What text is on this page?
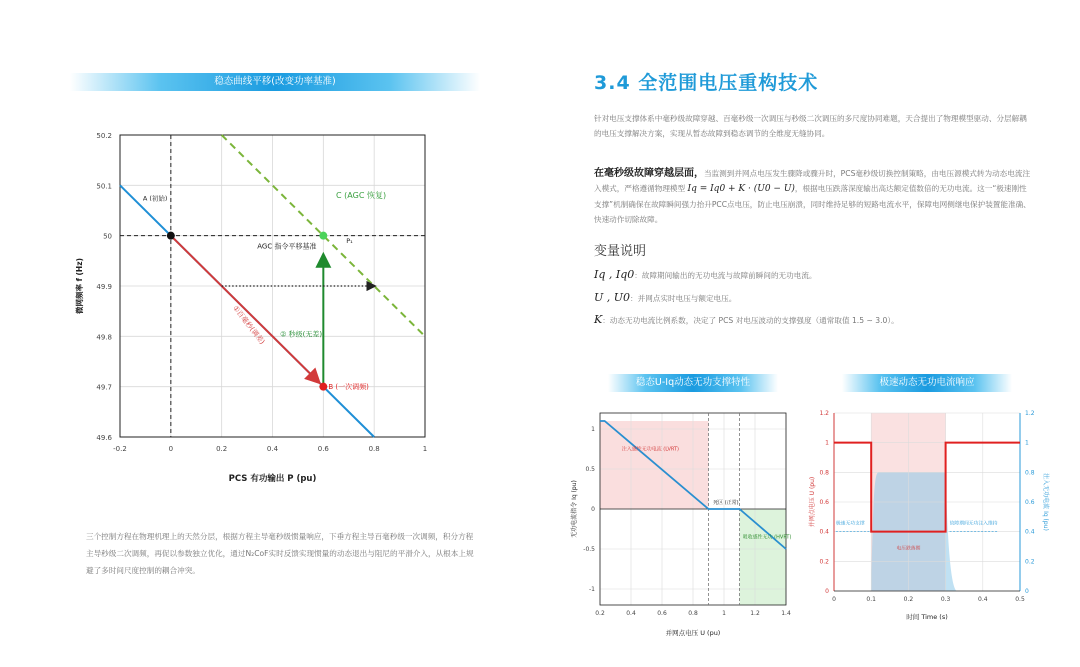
稳态曲线平移(改变功率基准)
-0.2	0	0.2	0.4	0.6	0.8	1
49.6
49.7
49.8
49.9
50
50.1
50.2
①百毫秒(调差) ② 秒级(无差)
A (初始)
B (一次调频)
C (AGC 恢复)
AGC 指令平移基准
P₁
PCS 有功输出 P (pu)
微网频率 f (Hz)
三个控制方程在物理机理上的天然分层，根据方程主导毫秒级惯量响应，下垂方程主导百毫秒级一次调频，积分方程主导秒级二次调频，再促以参数独立优化，通过N₂CoF实时反馈实现惯量的动态退出与阻尼的平滑介入，从根本上规避了多时间尺度控制的耦合冲突。
3.4 全范围电压重构技术
针对电压支撑体系中毫秒级故障穿越、百毫秒级一次调压与秒级二次调压的多尺度协同难题，天合提出了物理模型驱动、分层解耦的电压支撑解决方案，实现从暂态故障到稳态调节的全维度无缝协同。
在毫秒级故障穿越层面，当监测到并网点电压发生骤降或骤升时，PCS毫秒级切换控制策略，由电压源模式转为动态电流注入模式，严格遵循物理模型 Iq = Iq0 + K · (U0 − U)，根据电压跌落深度输出高达额定值数倍的无功电流。这一“极速刚性支撑”机制确保在故障瞬间强力抬升PCC点电压，防止电压崩溃，同时维持足够的短路电流水平，保障电网侧继电保护装置能准确、快速动作切除故障。
变量说明
Iq , Iq0：故障期间输出的无功电流与故障前瞬间的无功电流。
U , U0：并网点实时电压与额定电压。
K：动态无功电流比例系数，决定了 PCS 对电压波动的支撑强度（通常取值 1.5 ~ 3.0）。
稳态U-Iq动态无功支撑特性	极速动态无功电流响应
0.2	0.4	0.6	0.8	1	1.2	1.4
-1
-0.5
0
0.5
1
注入感性无功电流 (LVRT)
死区 (正常)
吸收感性无功 (HVRT)
并网点电压 U (pu)
无功电流指令 Iq (pu)
0	0.1	0.2	0.3	0.4	0.5
0	0
0.2	0.2
0.4	0.4
0.6	0.6
0.8	0.8
1	1
1.2	1.2
电压跌落期
极速无功支撑	故障期间无功注入维持
时间 Time (s)
并网点电压 U (pu)	注入无功电流 Iq (pu)
